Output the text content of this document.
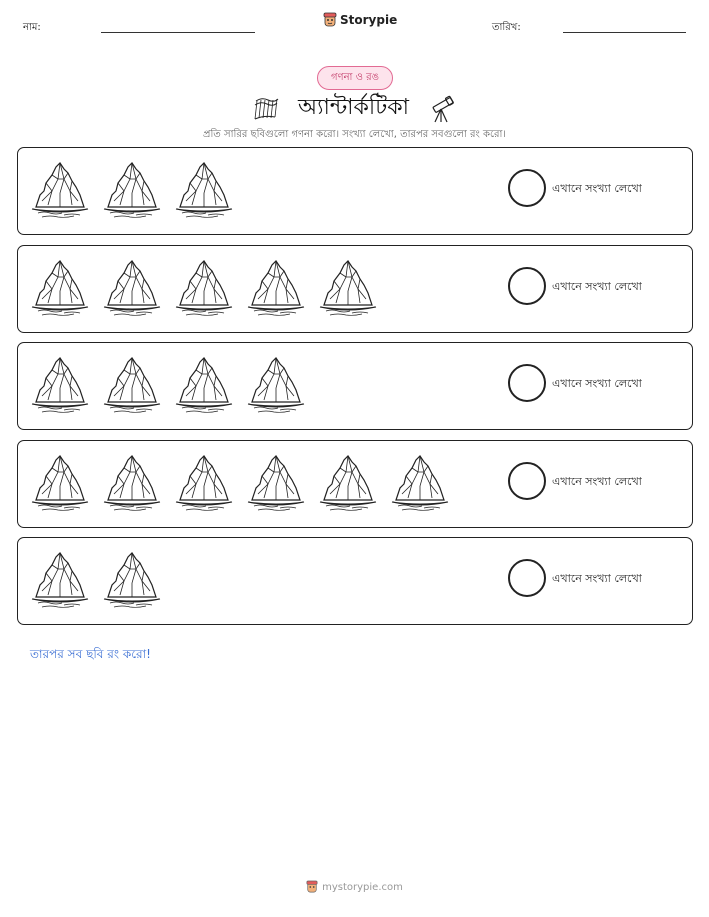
নাম:
Storypie
তারিখ:
গণনা ও রঙ
অ্যান্টার্কটিকা
প্রতি সারির ছবিগুলো গণনা করো। সংখ্যা লেখো, তারপর সবগুলো রং করো।
এখানে সংখ্যা লেখো
এখানে সংখ্যা লেখো
এখানে সংখ্যা লেখো
এখানে সংখ্যা লেখো
এখানে সংখ্যা লেখো
তারপর সব ছবি রং করো!
mystorypie.com
